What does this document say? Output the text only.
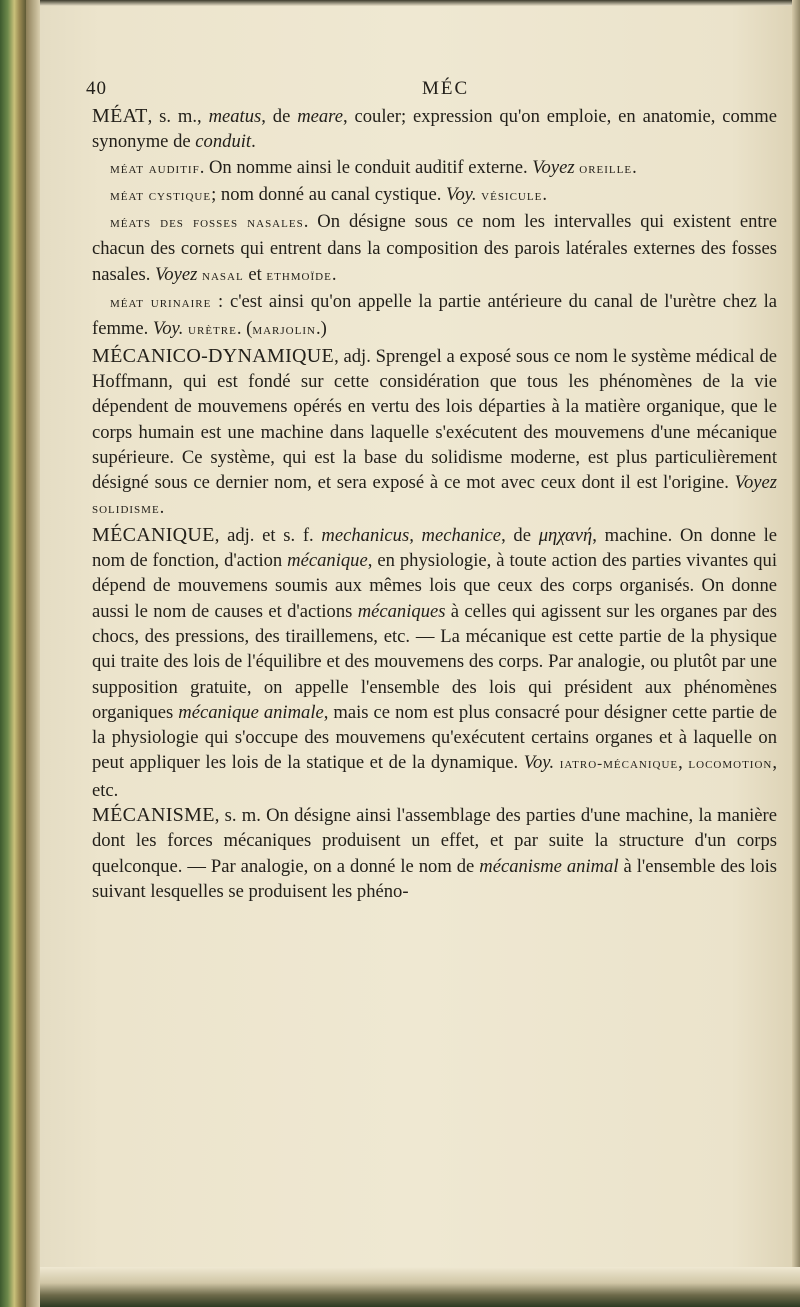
40	MÉC

MÉAT, s. m., meatus, de meare, couler; expression qu'on emploie, en anatomie, comme synonyme de conduit.

méat auditif. On nomme ainsi le conduit auditif externe. Voyez oreille.

méat cystique; nom donné au canal cystique. Voy. vésicule.

méats des fosses nasales. On désigne sous ce nom les intervalles qui existent entre chacun des cornets qui entrent dans la composition des parois latérales externes des fosses nasales. Voyez nasal et ethmoïde.

méat urinaire : c'est ainsi qu'on appelle la partie antérieure du canal de l'urètre chez la femme. Voy. urètre. (marjolin.)

MÉCANICO-DYNAMIQUE, adj. Sprengel a exposé sous ce nom le système médical de Hoffmann, qui est fondé sur cette considération que tous les phénomènes de la vie dépendent de mouvemens opérés en vertu des lois départies à la matière organique, que le corps humain est une machine dans laquelle s'exécutent des mouvemens d'une mécanique supérieure. Ce système, qui est la base du solidisme moderne, est plus particulièrement désigné sous ce dernier nom, et sera exposé à ce mot avec ceux dont il est l'origine. Voyez solidisme.

MÉCANIQUE, adj. et s. f. mechanicus, mechanice, de μηχανή, machine. On donne le nom de fonction, d'action mécanique, en physiologie, à toute action des parties vivantes qui dépend de mouvemens soumis aux mêmes lois que ceux des corps organisés. On donne aussi le nom de causes et d'actions mécaniques à celles qui agissent sur les organes par des chocs, des pressions, des tiraillemens, etc. — La mécanique est cette partie de la physique qui traite des lois de l'équilibre et des mouvemens des corps. Par analogie, ou plutôt par une supposition gratuite, on appelle l'ensemble des lois qui président aux phénomènes organiques mécanique animale, mais ce nom est plus consacré pour désigner cette partie de la physiologie qui s'occupe des mouvemens qu'exécutent certains organes et à laquelle on peut appliquer les lois de la statique et de la dynamique. Voy. iatro-mécanique, locomotion, etc.

MÉCANISME, s. m. On désigne ainsi l'assemblage des parties d'une machine, la manière dont les forces mécaniques produisent un effet, et par suite la structure d'un corps quelconque. — Par analogie, on a donné le nom de mécanisme animal à l'ensemble des lois suivant lesquelles se produisent les phéno-
